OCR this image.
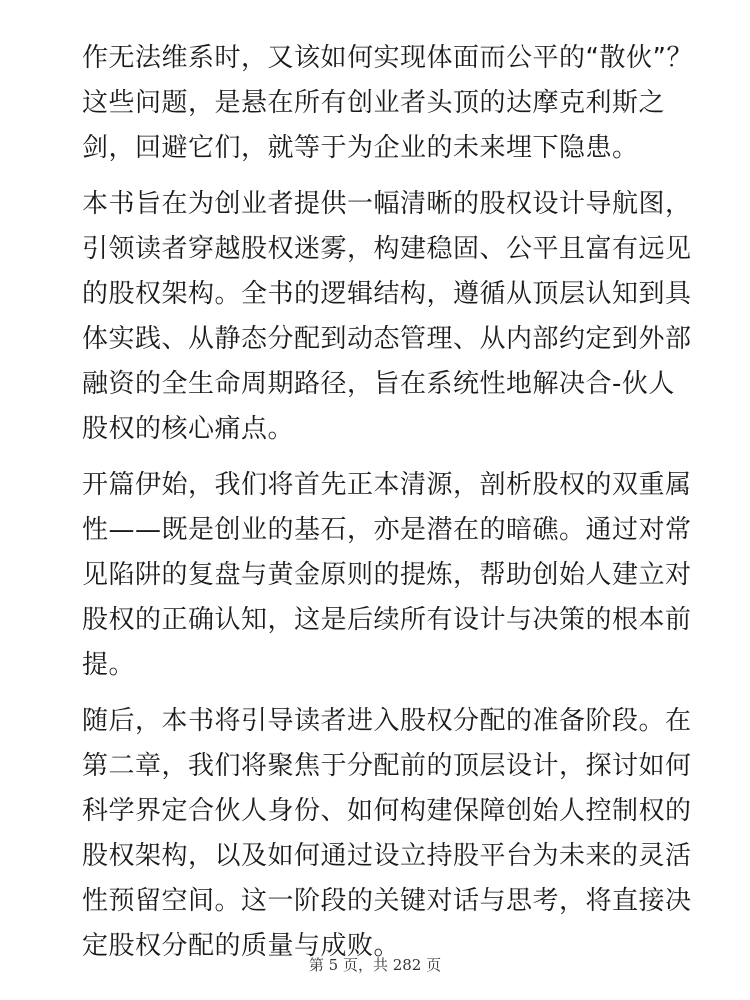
作无法维系时，又该如何实现体面而公平的“散伙”？这些问题，是悬在所有创业者头顶的达摩克利斯之剑，回避它们，就等于为企业的未来埋下隐患。

本书旨在为创业者提供一幅清晰的股权设计导航图，引领读者穿越股权迷雾，构建稳固、公平且富有远见的股权架构。全书的逻辑结构，遵循从顶层认知到具体实践、从静态分配到动态管理、从内部约定到外部融资的全生命周期路径，旨在系统性地解决合-伙人股权的核心痛点。

开篇伊始，我们将首先正本清源，剖析股权的双重属性——既是创业的基石，亦是潜在的暗礁。通过对常见陷阱的复盘与黄金原则的提炼，帮助创始人建立对股权的正确认知，这是后续所有设计与决策的根本前提。

随后，本书将引导读者进入股权分配的准备阶段。在第二章，我们将聚焦于分配前的顶层设计，探讨如何科学界定合伙人身份、如何构建保障创始人控制权的股权架构，以及如何通过设立持股平台为未来的灵活性预留空间。这一阶段的关键对话与思考，将直接决定股权分配的质量与成败。

第 5 页，共 282 页
